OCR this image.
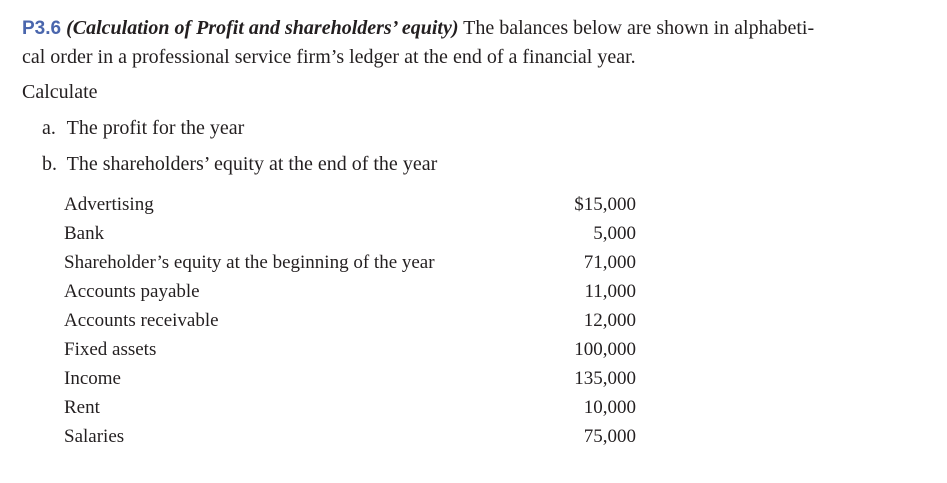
P3.6 (Calculation of Profit and shareholders’ equity) The balances below are shown in alphabeti-
cal order in a professional service firm’s ledger at the end of a financial year.
Calculate
a. The profit for the year
b. The shareholders’ equity at the end of the year
Advertising	$15,000
Bank	5,000
Shareholder’s equity at the beginning of the year	71,000
Accounts payable	11,000
Accounts receivable	12,000
Fixed assets	100,000
Income	135,000
Rent	10,000
Salaries	75,000
